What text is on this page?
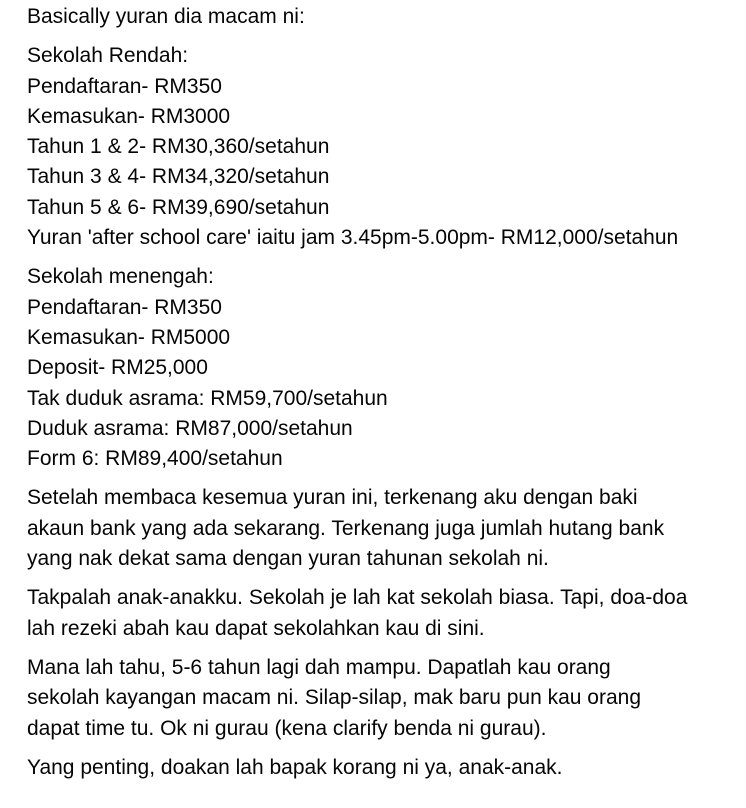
Basically yuran dia macam ni:
Sekolah Rendah:
Pendaftaran- RM350
Kemasukan- RM3000
Tahun 1 & 2- RM30,360/setahun
Tahun 3 & 4- RM34,320/setahun
Tahun 5 & 6- RM39,690/setahun
Yuran 'after school care' iaitu jam 3.45pm-5.00pm- RM12,000/setahun
Sekolah menengah:
Pendaftaran- RM350
Kemasukan- RM5000
Deposit- RM25,000
Tak duduk asrama: RM59,700/setahun
Duduk asrama: RM87,000/setahun
Form 6: RM89,400/setahun
Setelah membaca kesemua yuran ini, terkenang aku dengan baki
akaun bank yang ada sekarang. Terkenang juga jumlah hutang bank
yang nak dekat sama dengan yuran tahunan sekolah ni.
Takpalah anak-anakku. Sekolah je lah kat sekolah biasa. Tapi, doa-doa
lah rezeki abah kau dapat sekolahkan kau di sini.
Mana lah tahu, 5-6 tahun lagi dah mampu. Dapatlah kau orang
sekolah kayangan macam ni. Silap-silap, mak baru pun kau orang
dapat time tu. Ok ni gurau (kena clarify benda ni gurau).
Yang penting, doakan lah bapak korang ni ya, anak-anak.
